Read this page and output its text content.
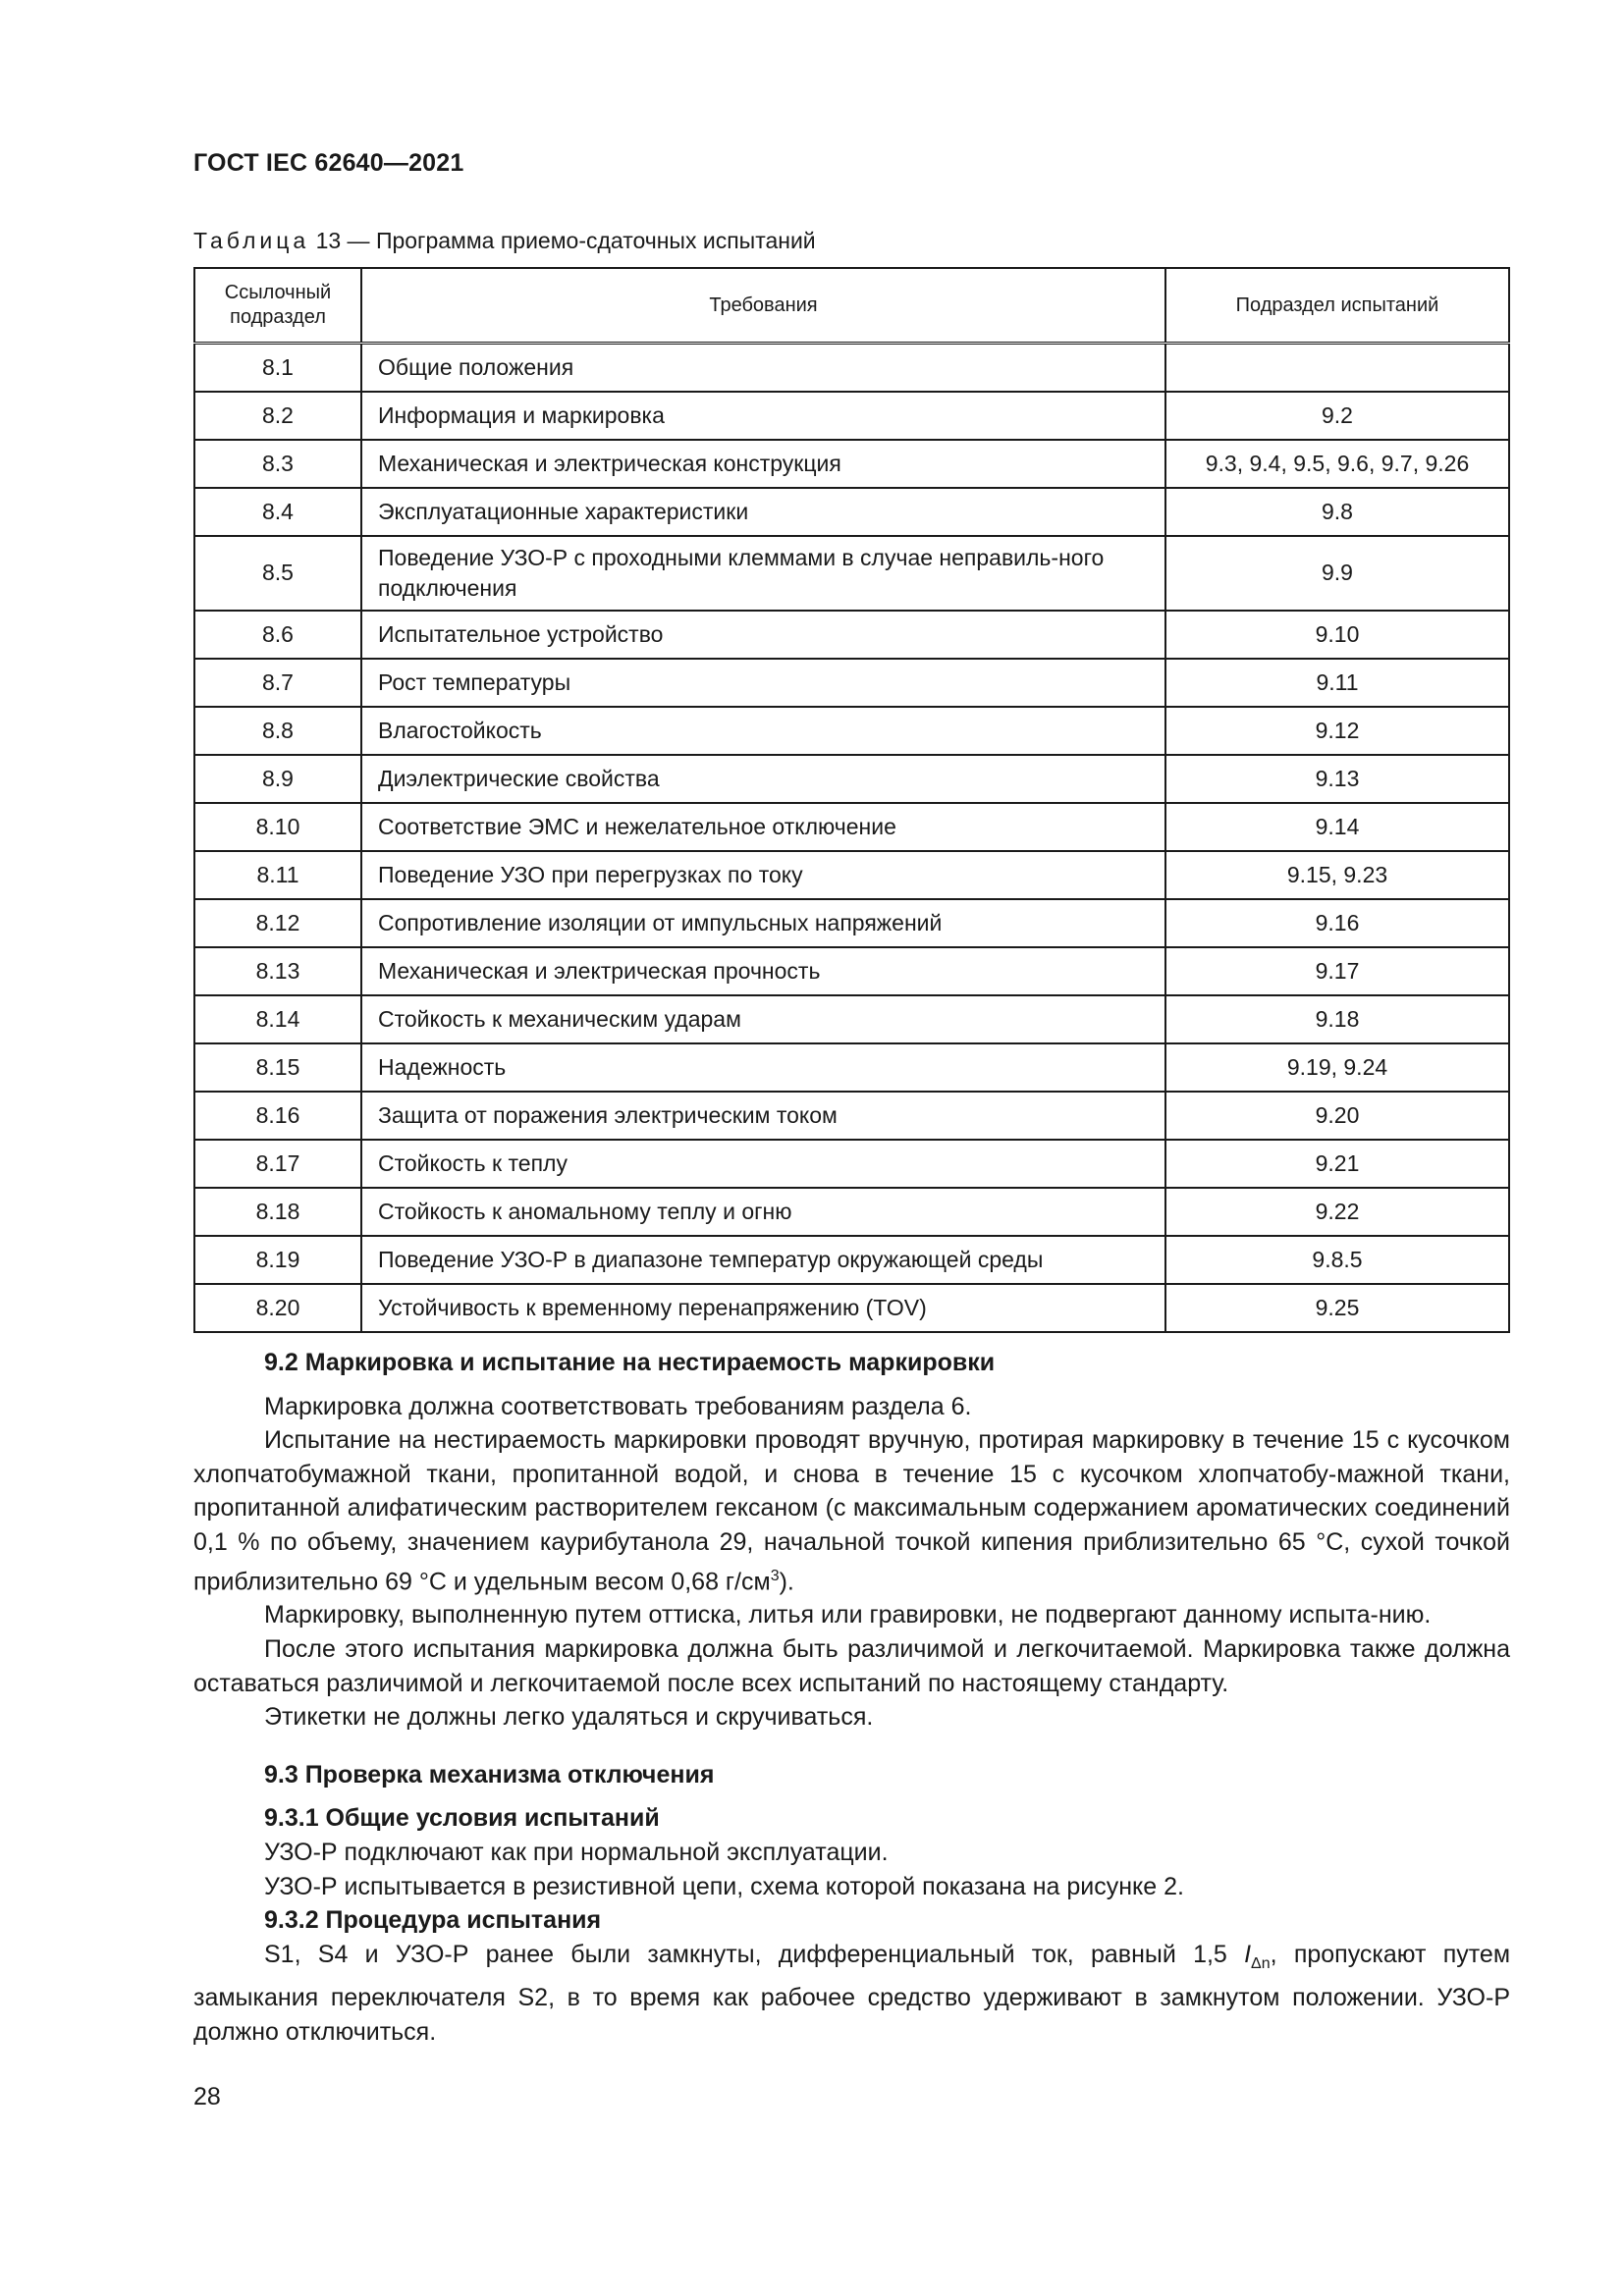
ГОСТ IEC 62640—2021
Таблица 13 — Программа приемо-сдаточных испытаний
Ссылочный подраздел	Требования	Подраздел испытаний
8.1	Общие положения	
8.2	Информация и маркировка	9.2
8.3	Механическая и электрическая конструкция	9.3, 9.4, 9.5, 9.6, 9.7, 9.26
8.4	Эксплуатационные характеристики	9.8
8.5	Поведение УЗО-Р с проходными клеммами в случае неправиль-ного подключения	9.9
8.6	Испытательное устройство	9.10
8.7	Рост температуры	9.11
8.8	Влагостойкость	9.12
8.9	Диэлектрические свойства	9.13
8.10	Соответствие ЭМС и нежелательное отключение	9.14
8.11	Поведение УЗО при перегрузках по току	9.15, 9.23
8.12	Сопротивление изоляции от импульсных напряжений	9.16
8.13	Механическая и электрическая прочность	9.17
8.14	Стойкость к механическим ударам	9.18
8.15	Надежность	9.19, 9.24
8.16	Защита от поражения электрическим током	9.20
8.17	Стойкость к теплу	9.21
8.18	Стойкость к аномальному теплу и огню	9.22
8.19	Поведение УЗО-Р в диапазоне температур окружающей среды	9.8.5
8.20	Устойчивость к временному перенапряжению (TOV)	9.25
9.2 Маркировка и испытание на нестираемость маркировки

Маркировка должна соответствовать требованиям раздела 6.

Испытание на нестираемость маркировки проводят вручную, протирая маркировку в течение 15 с кусочком хлопчатобумажной ткани, пропитанной водой, и снова в течение 15 с кусочком хлопчатобу-мажной ткани, пропитанной алифатическим растворителем гексаном (с максимальным содержанием ароматических соединений 0,1 % по объему, значением каурибутанола 29, начальной точкой кипения приблизительно 65 °С, сухой точкой приблизительно 69 °С и удельным весом 0,68 $г/см^3$).

Маркировку, выполненную путем оттиска, литья или гравировки, не подвергают данному испыта-нию.

После этого испытания маркировка должна быть различимой и легкочитаемой. Маркировка также должна оставаться различимой и легкочитаемой после всех испытаний по настоящему стандарту.

Этикетки не должны легко удаляться и скручиваться.

9.3 Проверка механизма отключения
9.3.1 Общие условия испытаний

УЗО-Р подключают как при нормальной эксплуатации.

УЗО-Р испытывается в резистивной цепи, схема которой показана на рисунке 2.

9.3.2 Процедура испытания

S1, S4 и УЗО-Р ранее были замкнуты, дифференциальный ток, равный 1,5 $I_{\Delta n}$, пропускают путем замыкания переключателя S2, в то время как рабочее средство удерживают в замкнутом положении. УЗО-Р должно отключиться.

28
